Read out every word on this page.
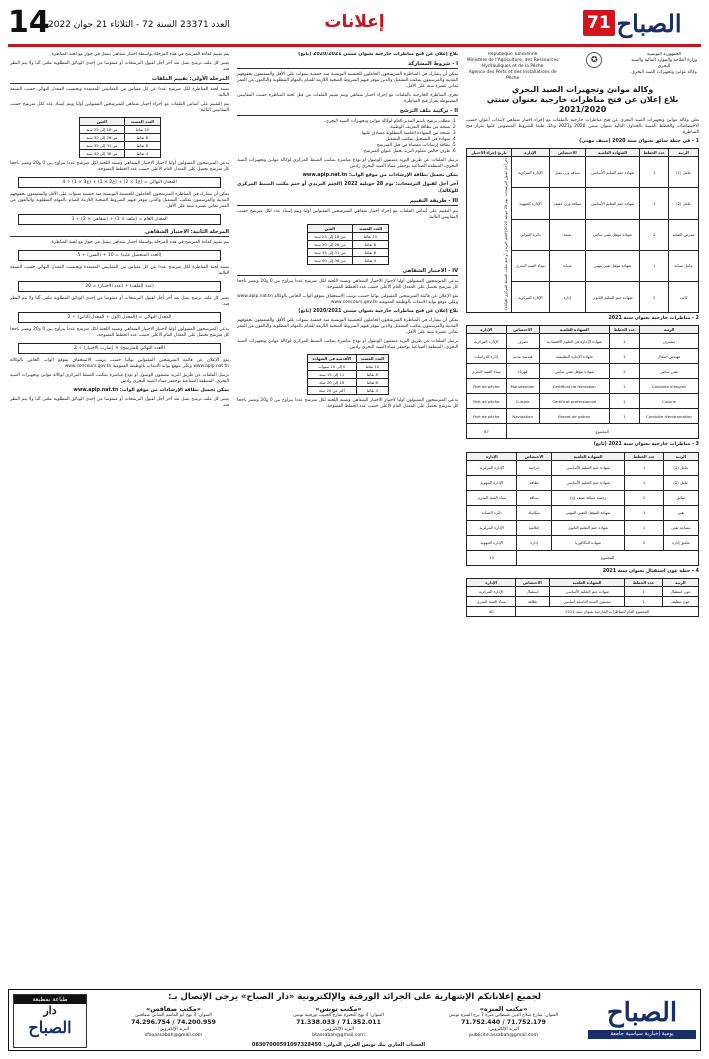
14
العدد 23371 السنة 72 - الثلاثاء 21 جوان 2022	إعلانات	الصباح
71
الجمهورية التونسية
وزارة الفلاحة والموارد المائية والصيد البحري
وكالة موانئ وتجهيزات الصيد البحري
✪
République Tunisienne
Ministère de l'Agriculture, des Ressources Hydrauliques et de la Pêche
Agence des Ports et des Installations de Pêche
وكالة موانئ وتجهيزات الصيد البحري
بلاغ إعلان عن فتح مناظرات خارجية بعنوان سنتي 2021/2020
تعلن وكالة موانئ وتجهيزات الصيد البحري عن فتح مناظرات خارجية بالملفات مع إجراء اختبار شفاهي لانتداب أعوان حسب الاختصاصات والخطط المبينة بالجداول التالية بعنوان سنتي 2020 و2021 وذلك طبقا للشروط المنصوص عليها بقرار فتح المناظرة.
1 - في خطة سائق بعنوان سنة 2020 (صنف مهني)
الرتبة	عدد الخطط	الشهادة العلمية	الاختصاص	الإدارة	تاريخ إجراء الاختبار
عامل (1)	1	شهادة ختم التعليم الأساسي	سياقة وزن ثقيل	الإدارة المركزية	آخر أجل لقبول الترشحات: يوم 28 جويلية 2022 (الختم البريدي أو ختم مكتب الضبط المركزي للوكالة).

عامل (2)	1	شهادة ختم التعليم الأساسي	سياقة وزن خفيف	الإدارة الجهوية	
ممرض الصحة	2	شهادة مؤهل تقني سامي	صحة	دائرة الموانئ	
عامل صيانة	1	شهادة مؤهل تقني مهني	صيانة	ميناء الصيد البحري	
كاتب	2	شهادة ختم التعليم الثانوي	إدارة	الإدارة المركزية	
2 - مناظرات خارجية بعنوان سنة 2021
الرتبة	عدد الخطط	الشهادة العلمية	الاختصاص	الإدارة
متصرف	1	شهادة الإجازة في العلوم الاقتصادية	تصرف	الإدارة المركزية
مهندس أشغال	1	شهادة الإجازة التطبيقية	هندسة مدنية	إدارة الدراسات
تقني سامي	2	شهادة مؤهل تقني سامي	كهرباء	ميناء الصيد البحري
Conduite d'engins	1	Certificat de formation	Manutention	Port de pêche
Cuisine	1	Certificat professionnel	Cuisine	Port de pêche
Conduite d'embarcation	1	Brevet de patron	Navigation	Port de pêche
المجموع				67
3 - مناظرات خارجية بعنوان سنة 2021 (تابع)
الرتبة	عدد الخطط	الشهادة العلمية	الاختصاص	الإدارة
عامل (1)	1	شهادة ختم التعليم الأساسي	حراسة	الإدارة المركزية
عامل (2)	1	شهادة ختم التعليم الأساسي	نظافة	الإدارة الجهوية
سائق	2	رخصة سياقة صنف (ج)	سياقة	ميناء الصيد البحري
تقني	1	شهادة المؤهل التقني المهني	ميكانيك	دائرة الصيانة
مساعد تقني	1	شهادة ختم التعليم الثانوي	إعلامية	الإدارة المركزية
ملحق إدارة	2	شهادة الباكالوريا	إدارة	الإدارة الجهوية
المجموع				15
4 - خطة عون استقبال بعنوان سنة 2021
الرتبة	عدد الخطط	الشهادة العلمية	الاختصاص	الإدارة
عون استقبال	1	شهادة ختم التعليم الأساسي	استقبال	الإدارة المركزية
عون تنظيف	1	مستوى السنة التاسعة أساسي	نظافة	ميناء الصيد البحري
المجموع العام للمناظرات الخارجية بعنوان سنة 2021				40
بلاغ إعلان عن فتح مناظرات خارجية بعنوان سنتي 2020/2021 (تابع)
I - شروط المشاركة
يمكن أن يشارك في المناظرة المترشحون الحاملون للجنسية التونسية منذ خمسة سنوات على الأقل والمتمتعون بحقوقهم المدنية والمرسمون بمكتب التشغيل والذين تتوفر فيهم الشروط الصحية اللازمة للقيام بالمهام المطلوبة والبالغون من العمر ثماني عشرة سنة على الأقل.
تجرى المناظرة الخارجية بالملفات مع إجراء اختبار شفاهي ويتم تقييم الملفات من قبل لجنة المناظرة حسب المقاييس المضبوطة بقرار فتح المناظرة.
II - تركيبة ملف الترشح
1. مطلب ترشح باسم المدير العام لوكالة موانئ وتجهيزات الصيد البحري.
2. نسخة من بطاقة التعريف الوطنية.
3. نسخة من الشهادة العلمية المطلوبة مصادق عليها.
4. شهادة في التسجيل بمكتب التشغيل.
5. بطاقة إرشادات ممضاة من قبل المترشح.
6. ظرف خالص معلوم البريد يحمل عنوان المترشح.
ترسل الملفات عن طريق البريد مضمون الوصول أو تودع مباشرة بمكتب الضبط المركزي لوكالة موانئ وتجهيزات الصيد البحري، المنطقة الصناعية بوجعفر ميناء الصيد البحري رادس.
يمكن تحميل بطاقة الإرشادات من موقع الواب: www.apip.nat.tn
آخر أجل لقبول الترشحات: يوم 28 جويلية 2022 (الختم البريدي أو ختم مكتب الضبط المركزي للوكالة).
III - طريقة التقييم
يتم التقييم على أساس الملفات مع إجراء اختبار شفاهي للمترشحين المقبولين أوليا ويتم إسناد عدد لكل مترشح حسب المقاييس التالية:
العدد المسند	السن
10 نقاط	من 18 إلى 25 سنة
8 نقاط	من 26 إلى 30 سنة
6 نقاط	من 31 إلى 35 سنة
4 نقاط	من 36 إلى 40 سنة
IV - الاختبار الشفاهي
يدعى المترشحون المقبولون أوليا لاجتياز الاختبار الشفاهي وتسند اللجنة لكل مترشح عددا يتراوح بين 0 و20 ويعتبر ناجحا كل مترشح تحصل على المعدل العام الأعلى حسب عدد الخطط المفتوحة.
يقع الإعلان عن قائمة المترشحين المقبولين نهائيا حسب ترتيب الاستحقاق بموقع الواب الخاص بالوكالة www.apip.nat.tn وعلى موقع بوابة الانتداب بالوظيفة العمومية www.concours.gov.tn
بلاغ إعلان عن فتح مناظرات خارجية بعنوان سنتي 2020/2021 (تابع)
يمكن أن يشارك في المناظرة المترشحون الحاملون للجنسية التونسية منذ خمسة سنوات على الأقل والمتمتعون بحقوقهم المدنية والمرسمون بمكتب التشغيل والذين تتوفر فيهم الشروط الصحية اللازمة للقيام بالمهام المطلوبة والبالغون من العمر ثماني عشرة سنة على الأقل.
ترسل الملفات عن طريق البريد مضمون الوصول أو تودع مباشرة بمكتب الضبط المركزي لوكالة موانئ وتجهيزات الصيد البحري، المنطقة الصناعية بوجعفر ميناء الصيد البحري رادس.
العدد المسند	الأقدمية في الشهادة
10 نقاط	0 إلى 10 سنوات
8 نقاط	11 إلى 15 سنة
6 نقاط	16 إلى 20 سنة
4 نقاط	أكثر من 20 سنة
يدعى المترشحون المقبولون أوليا لاجتياز الاختبار الشفاهي وتسند اللجنة لكل مترشح عددا يتراوح بين 0 و20 ويعتبر ناجحا كل مترشح تحصل على المعدل العام الأعلى حسب عدد الخطط المفتوحة.
يتم تقييم كفاءة المترشح في هذه المرحلة بواسطة اختبار شفاهي يتمثل في حوار مع لجنة المناظرة.
يعتبر كل ملف ترشح يصل بعد آخر أجل لقبول الترشحات أو منقوصا من إحدى الوثائق المطلوبة ملغى آليا ولا يتم النظر فيه.
المرحلة الأولى: تقييم الملفات
تسند لجنة المناظرة لكل مترشح عددا عن كل مقياس من المقاييس المعتمدة ويحتسب المعدل النهائي حسب الصيغة التالية:
يتم التقييم على أساس الملفات مع إجراء اختبار شفاهي للمترشحين المقبولين أوليا ويتم إسناد عدد لكل مترشح حسب المقاييس التالية:
العدد المسند	السن
10 نقاط	من 18 إلى 25 سنة
8 نقاط	من 26 إلى 30 سنة
6 نقاط	من 31 إلى 35 سنة
4 نقاط	من 36 إلى 40 سنة
يدعى المترشحون المقبولون أوليا لاجتياز الاختبار الشفاهي وتسند اللجنة لكل مترشح عددا يتراوح بين 0 و20 ويعتبر ناجحا كل مترشح تحصل على المعدل العام الأعلى حسب عدد الخطط المفتوحة.
المعدل النهائي = (ع1 × 2) + (ع2 × 1) + (ع3 × 1) ÷ 4
يمكن أن يشارك في المناظرة المترشحون الحاملون للجنسية التونسية منذ خمسة سنوات على الأقل والمتمتعون بحقوقهم المدنية والمرسمون بمكتب التشغيل والذين تتوفر فيهم الشروط الصحية اللازمة للقيام بالمهام المطلوبة والبالغون من العمر ثماني عشرة سنة على الأقل.
المعدل العام = (ملف × 1) + (شفاهي × 2) ÷ 3
المرحلة الثانية: الاختبار الشفاهي
يتم تقييم كفاءة المترشح في هذه المرحلة بواسطة اختبار شفاهي يتمثل في حوار مع لجنة المناظرة.
(العدد المتحصل عليه) = 10 + (السن) + 5
تسند لجنة المناظرة لكل مترشح عددا عن كل مقياس من المقاييس المعتمدة ويحتسب المعدل النهائي حسب الصيغة التالية:
(عدد الملف) + (عدد الاختبار) = 20
يعتبر كل ملف ترشح يصل بعد آخر أجل لقبول الترشحات أو منقوصا من إحدى الوثائق المطلوبة ملغى آليا ولا يتم النظر فيه.
المعدل النهائي = (المعدل الأول + المعدل الثاني) ÷ 2
يدعى المترشحون المقبولون أوليا لاجتياز الاختبار الشفاهي وتسند اللجنة لكل مترشح عددا يتراوح بين 0 و20 ويعتبر ناجحا كل مترشح تحصل على المعدل العام الأعلى حسب عدد الخطط المفتوحة.
(العدد النهائي للمترشح) × (ضارب الاختبار) ÷ 2
يقع الإعلان عن قائمة المترشحين المقبولين نهائيا حسب ترتيب الاستحقاق بموقع الواب الخاص بالوكالة www.apip.nat.tn وعلى موقع بوابة الانتداب بالوظيفة العمومية www.concours.gov.tn
ترسل الملفات عن طريق البريد مضمون الوصول أو تودع مباشرة بمكتب الضبط المركزي لوكالة موانئ وتجهيزات الصيد البحري، المنطقة الصناعية بوجعفر ميناء الصيد البحري رادس.
يمكن تحميل بطاقة الإرشادات من موقع الواب: www.apip.nat.tn
يعتبر كل ملف ترشح يصل بعد آخر أجل لقبول الترشحات أو منقوصا من إحدى الوثائق المطلوبة ملغى آليا ولا يتم النظر فيه.
لجميع إعلاناتكم الإشهارية على الجرائد الورقية والإلكترونية «دار الصباح» يرجى الإتصال بـ:
الصباح
يومية إخبارية سياسية جامعة
«مكتب المنزه»
العنوان: شارع صلاح الدين بسطاني منزه 7 برج المنزه تونس
71.752.440 / 71.752.179
البريد الإلكتروني:
publicite.assabah@gmail.com
«مكتب تونس»
العنوان: 4 نهج البحيرة شارع الحبيب بورقيبة تونس
71.338.033 / 71.352.011
البريد الإلكتروني:
btassabah@gmail.com
«مكتب صفاقس»
العنوان: 3 نهج أبو القاسم الشابي صفاقس
74.296.754 / 74.200.959
البريد الإلكتروني:
sfaxassabah@gmail.com
الحساب الجاري بنك تونس العربي الدولي: 08307000591097328450
طباعة بمطبعة
دار
الصباح
